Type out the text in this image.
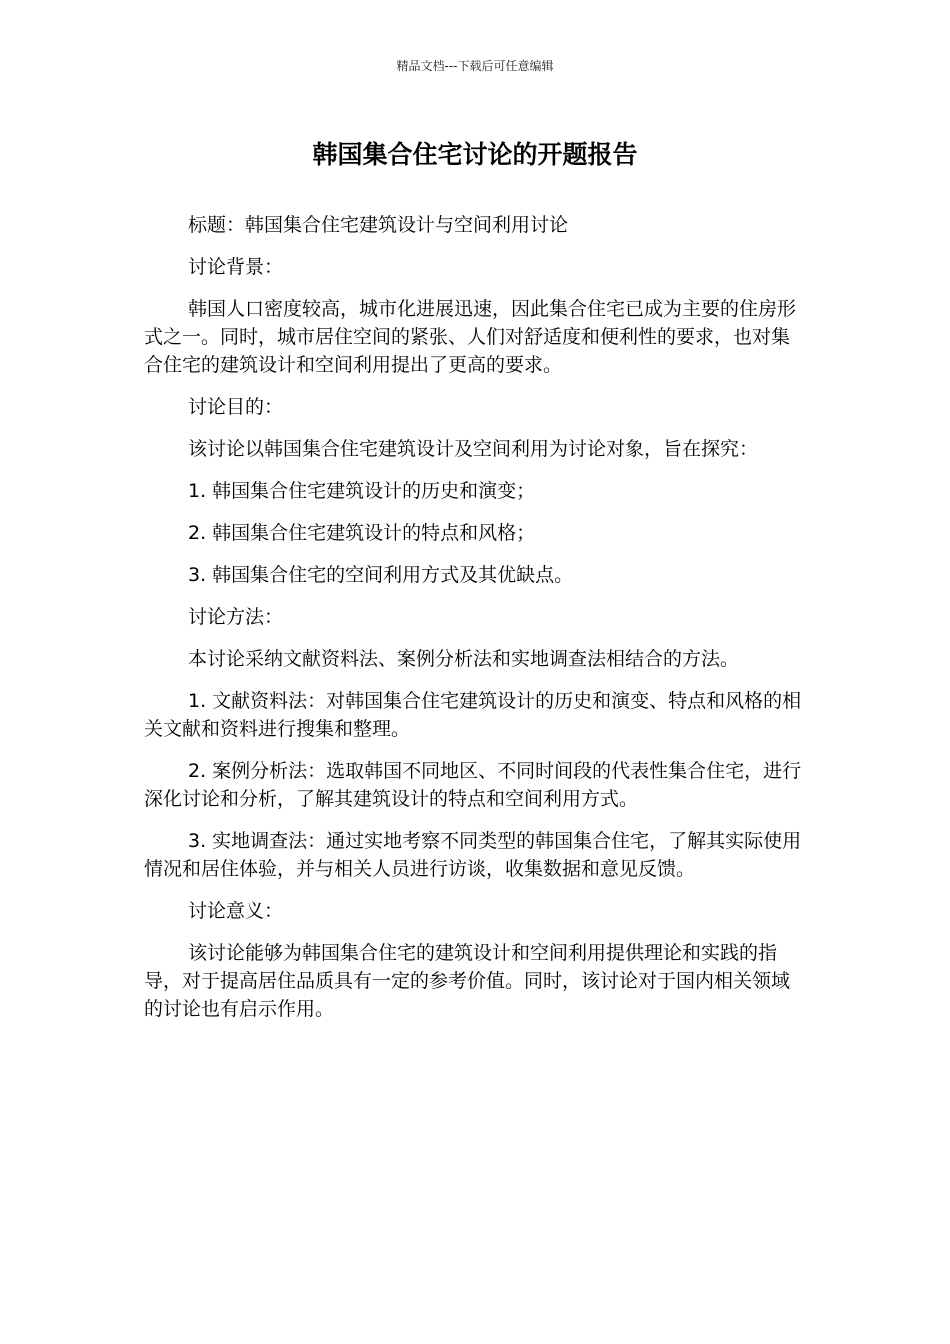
精品文档---下载后可任意编辑
韩国集合住宅讨论的开题报告

标题：韩国集合住宅建筑设计与空间利用讨论

讨论背景：

韩国人口密度较高，城市化进展迅速，因此集合住宅已成为主要的住房形式之一。同时，城市居住空间的紧张、人们对舒适度和便利性的要求，也对集合住宅的建筑设计和空间利用提出了更高的要求。

讨论目的：

该讨论以韩国集合住宅建筑设计及空间利用为讨论对象，旨在探究：

1. 韩国集合住宅建筑设计的历史和演变；

2. 韩国集合住宅建筑设计的特点和风格；

3. 韩国集合住宅的空间利用方式及其优缺点。

讨论方法：

本讨论采纳文献资料法、案例分析法和实地调查法相结合的方法。

1. 文献资料法：对韩国集合住宅建筑设计的历史和演变、特点和风格的相关文献和资料进行搜集和整理。

2. 案例分析法：选取韩国不同地区、不同时间段的代表性集合住宅，进行深化讨论和分析，了解其建筑设计的特点和空间利用方式。

3. 实地调查法：通过实地考察不同类型的韩国集合住宅，了解其实际使用情况和居住体验，并与相关人员进行访谈，收集数据和意见反馈。

讨论意义：

该讨论能够为韩国集合住宅的建筑设计和空间利用提供理论和实践的指导，对于提高居住品质具有一定的参考价值。同时，该讨论对于国内相关领域的讨论也有启示作用。
